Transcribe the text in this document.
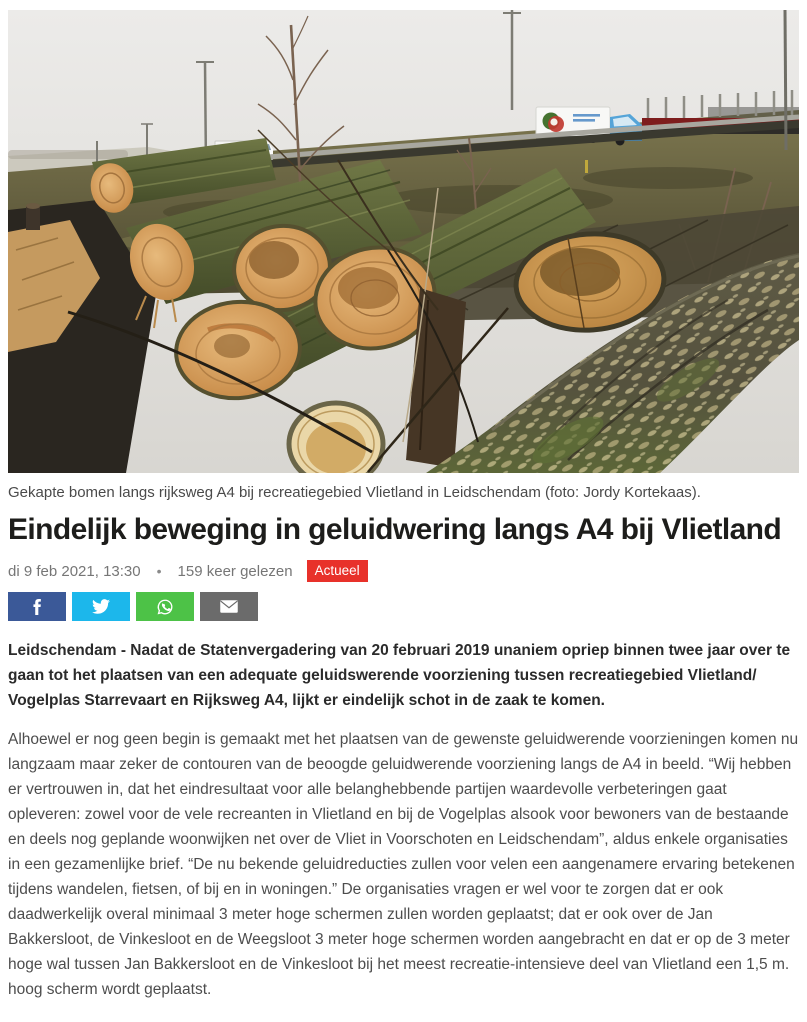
Gekapte bomen langs rijksweg A4 bij recreatiegebied Vlietland in Leidschendam (foto: Jordy Kortekaas).
Eindelijk beweging in geluidwering langs A4 bij Vlietland
di 9 feb 2021, 13:30 • 159 keer gelezen	Actueel

Leidschendam - Nadat de Statenvergadering van 20 februari 2019 unaniem opriep binnen twee jaar over te gaan tot het plaatsen van een adequate geluidswerende voorziening tussen recreatiegebied Vlietland/ Vogelplas Starrevaart en Rijksweg A4, lijkt er eindelijk schot in de zaak te komen.

Alhoewel er nog geen begin is gemaakt met het plaatsen van de gewenste geluidwerende voorzieningen komen nu langzaam maar zeker de contouren van de beoogde geluidwerende voorziening langs de A4 in beeld. “Wij hebben er vertrouwen in, dat het eindresultaat voor alle belanghebbende partijen waardevolle verbeteringen gaat opleveren: zowel voor de vele recreanten in Vlietland en bij de Vogelplas alsook voor bewoners van de bestaande en deels nog geplande woonwijken net over de Vliet in Voorschoten en Leidschendam”, aldus enkele organisaties in een gezamenlijke brief. “De nu bekende geluidreducties zullen voor velen een aangenamere ervaring betekenen tijdens wandelen, fietsen, of bij en in woningen.” De organisaties vragen er wel voor te zorgen dat er ook daadwerkelijk overal minimaal 3 meter hoge schermen zullen worden geplaatst; dat er ook over de Jan Bakkersloot, de Vinkesloot en de Weegsloot 3 meter hoge schermen worden aangebracht en dat er op de 3 meter hoge wal tussen Jan Bakkersloot en de Vinkesloot bij het meest recreatie-intensieve deel van Vlietland een 1,5 m. hoog scherm wordt geplaatst.
